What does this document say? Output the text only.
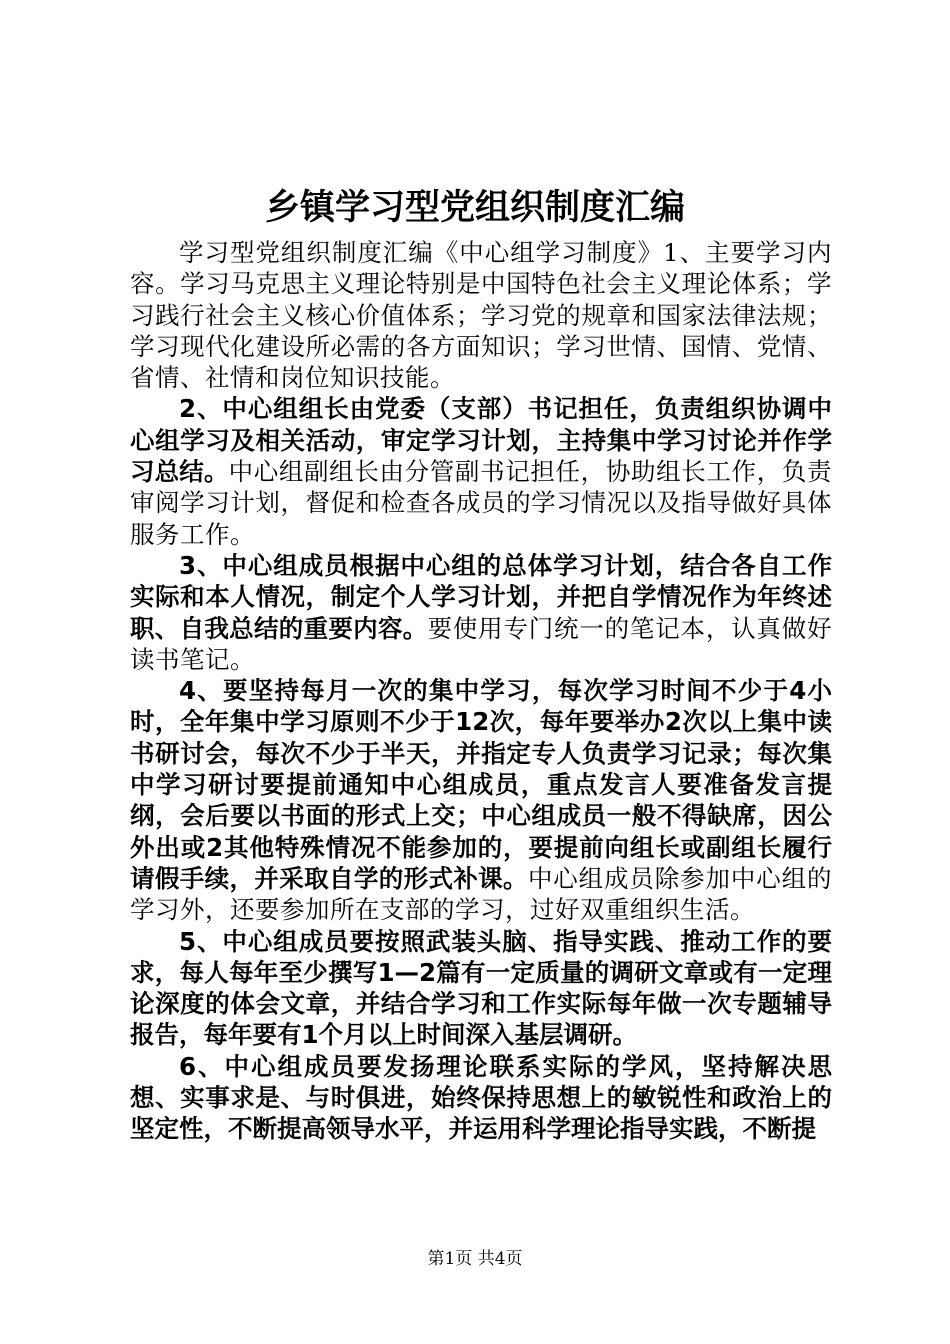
乡镇学习型党组织制度汇编

学习型党组织制度汇编《中心组学习制度》1、主要学习内容。学习马克思主义理论特别是中国特色社会主义理论体系；学习践行社会主义核心价值体系；学习党的规章和国家法律法规；学习现代化建设所必需的各方面知识；学习世情、国情、党情、省情、社情和岗位知识技能。

2、中心组组长由党委（支部）书记担任，负责组织协调中心组学习及相关活动，审定学习计划，主持集中学习讨论并作学习总结。中心组副组长由分管副书记担任，协助组长工作，负责审阅学习计划，督促和检查各成员的学习情况以及指导做好具体服务工作。

3、中心组成员根据中心组的总体学习计划，结合各自工作实际和本人情况，制定个人学习计划，并把自学情况作为年终述职、自我总结的重要内容。要使用专门统一的笔记本，认真做好读书笔记。

4、要坚持每月一次的集中学习，每次学习时间不少于4小时，全年集中学习原则不少于12次，每年要举办2次以上集中读书研讨会，每次不少于半天，并指定专人负责学习记录；每次集中学习研讨要提前通知中心组成员，重点发言人要准备发言提纲，会后要以书面的形式上交；中心组成员一般不得缺席，因公外出或2其他特殊情况不能参加的，要提前向组长或副组长履行请假手续，并采取自学的形式补课。中心组成员除参加中心组的学习外，还要参加所在支部的学习，过好双重组织生活。

5、中心组成员要按照武装头脑、指导实践、推动工作的要求，每人每年至少撰写1—2篇有一定质量的调研文章或有一定理论深度的体会文章，并结合学习和工作实际每年做一次专题辅导报告，每年要有1个月以上时间深入基层调研。

6、中心组成员要发扬理论联系实际的学风，坚持解决思想、实事求是、与时俱进，始终保持思想上的敏锐性和政治上的坚定性，不断提高领导水平，并运用科学理论指导实践，不断提

第1页 共4页
